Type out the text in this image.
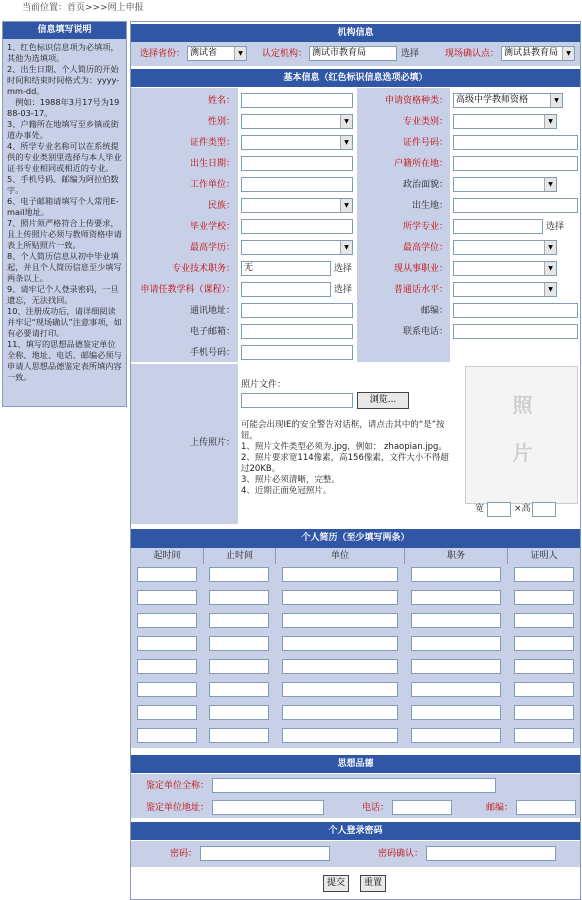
当前位置：首页>>>网上申报
信息填写说明

1、红色标识信息项为必填项，其他为选填项。

2、出生日期、个人简历的开始时间和结束时间格式为：yyyy-mm-dd。

　例如：1988年3月17号为1988-03-17。

3、户籍所在地填写至乡镇或街道办事处。

4、所学专业名称可以在系统提供的专业类别里选择与本人毕业证书专业相同或相近的专业。

5、手机号码、邮编为阿拉伯数字。

6、电子邮箱请填写个人常用E-mail地址。

7、照片须严格符合上传要求，且上传照片必须与教师资格申请表上所贴照片一致。

8、个人简历信息从初中毕业填起，并且个人简历信息至少填写两条以上。

9、请牢记个人登录密码，一旦遗忘，无法找回。

10、注册成功后，请详细阅读并牢记“现场确认”注意事项，如有必要请打印。

11、填写的思想品德鉴定单位全称、地址、电话、邮编必须与申请人思想品德鉴定表所填内容一致。

机构信息
选择省份： 测试省	▼	认定机构： 测试市教育局	选择	现场确认点： 测试县教育局	▼
基本信息（红色标识信息选项必填）
姓名：	申请资格种类： 高级中学教师资格	▼
性别：	▼	专业类别：	▼
证件类型：	▼	证件号码：
出生日期：	户籍所在地：
工作单位：	政治面貌：	▼
民族：	▼	出生地：
毕业学校：	所学专业：	选择
最高学历：	▼	最高学位：	▼
专业技术职务：	无	选择	现从事职业：	▼
申请任教学科（课程）：	选择	普通话水平：	▼
通讯地址：	邮编：
电子邮箱：	联系电话：
手机号码：
上传照片：
照片文件：
浏览...

可能会出现IE的安全警告对话框，请点击其中的“是”按钮，

1、照片文件类型必须为.jpg，例如： zhaopian.jpg。

2、照片要求宽114像素，高156像素，文件大小不得超过20KB。

3、照片必须清晰，完整。

4、近期正面免冠照片。

照
片
宽	×高
个人简历（至少填写两条）
起时间	止时间	单位	职务	证明人
思想品德
鉴定单位全称：
鉴定单位地址：	电话：	邮编：
个人登录密码
密码：	密码确认：
提交	重置
